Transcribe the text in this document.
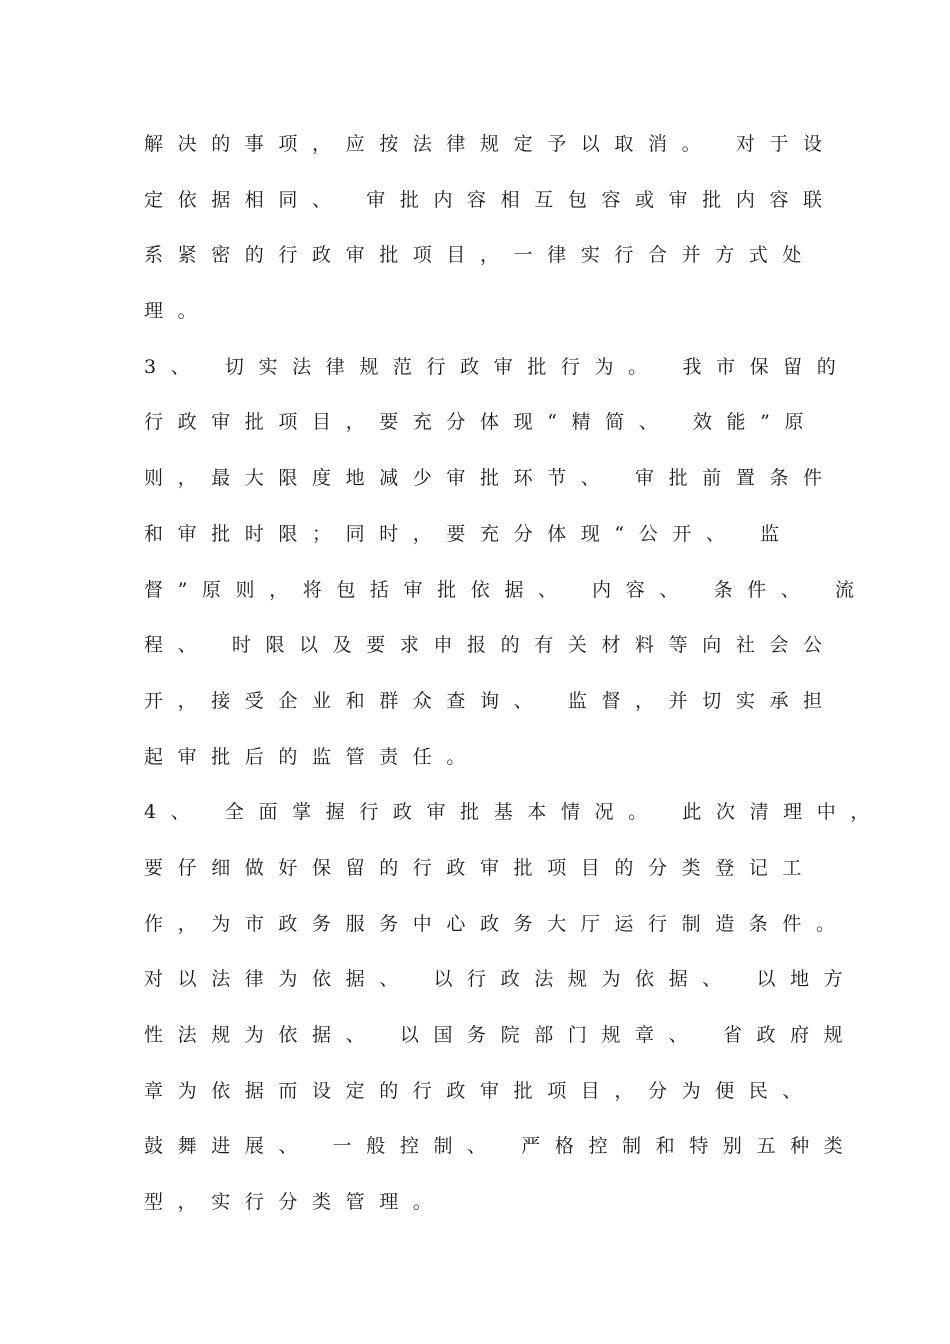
解决的事项，应按法律规定予以取消。 对于设
定依据相同、 审批内容相互包容或审批内容联
系紧密的行政审批项目，一律实行合并方式处
理。
3、 切实法律规范行政审批行为。 我市保留的
行政审批项目，要充分体现“精简、 效能”原
则，最大限度地减少审批环节、 审批前置条件
和审批时限；同时，要充分体现“公开、 监
督”原则，将包括审批依据、 内容、 条件、 流
程、 时限以及要求申报的有关材料等向社会公
开，接受企业和群众查询、 监督，并切实承担
起审批后的监管责任。
4、 全面掌握行政审批基本情况。 此次清理中，
要仔细做好保留的行政审批项目的分类登记工
作，为市政务服务中心政务大厅运行制造条件。
对以法律为依据、 以行政法规为依据、 以地方
性法规为依据、 以国务院部门规章、 省政府规
章为依据而设定的行政审批项目，分为便民、
鼓舞进展、 一般控制、 严格控制和特别五种类
型，实行分类管理。
